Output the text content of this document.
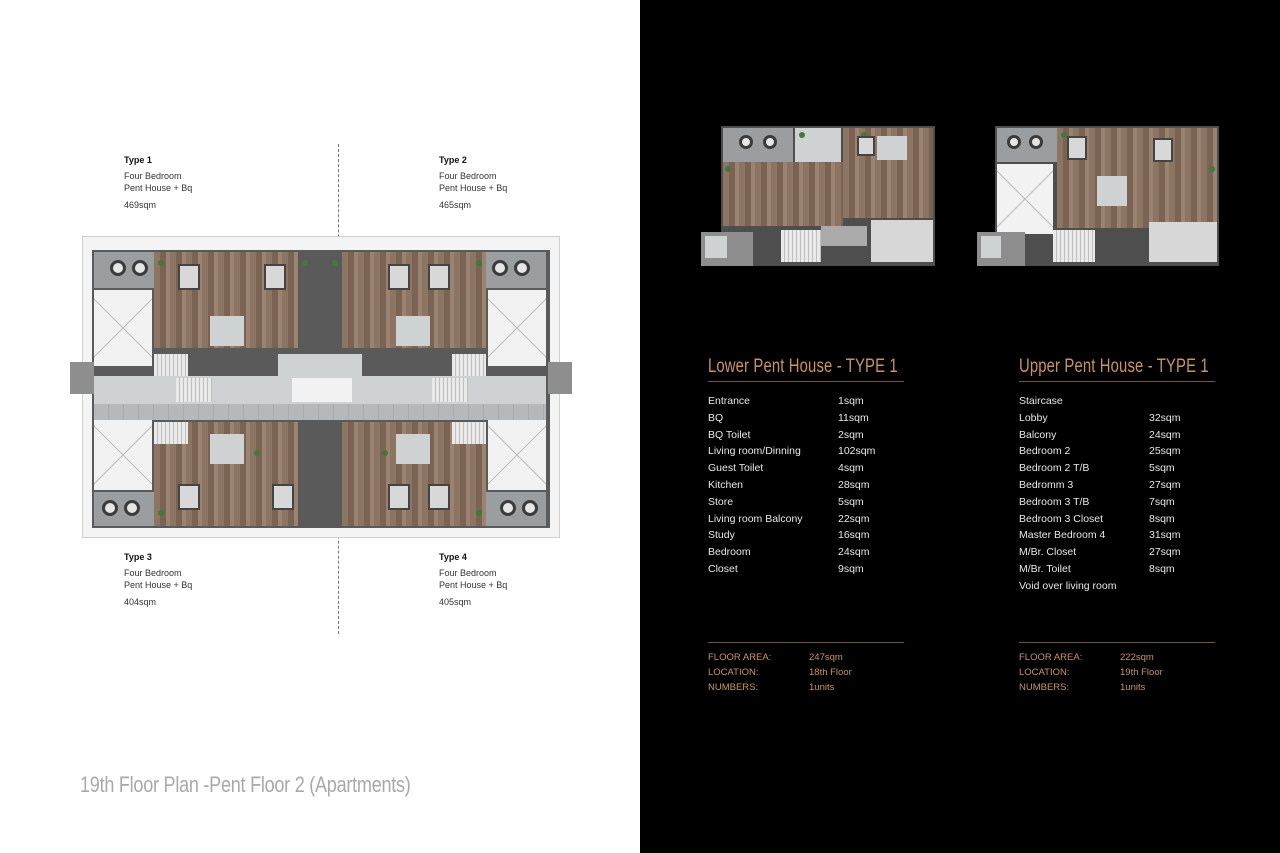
Type 1
Four Bedroom
Pent House + Bq
469sqm
Type 2
Four Bedroom
Pent House + Bq
465sqm
Type 3
Four Bedroom
Pent House + Bq
404sqm
Type 4
Four Bedroom
Pent House + Bq
405sqm
19th Floor Plan -Pent Floor 2 (Apartments)
Lower Pent House - TYPE 1
Entrance	1sqm
BQ	11sqm
BQ Toilet	2sqm
Living room/Dinning	102sqm
Guest Toilet	4sqm
Kitchen	28sqm
Store	5sqm
Living room Balcony	22sqm
Study	16sqm
Bedroom	24sqm
Closet	9sqm
FLOOR AREA:	247sqm
LOCATION:	18th Floor
NUMBERS:	1units
Upper Pent House - TYPE 1
Staircase
Lobby	32sqm
Balcony	24sqm
Bedroom 2	25sqm
Bedroom 2 T/B	5sqm
Bedromm 3	27sqm
Bedroom 3 T/B	7sqm
Bedroom 3 Closet	8sqm
Master Bedroom 4	31sqm
M/Br. Closet	27sqm
M/Br. Toilet	8sqm
Void over living room
FLOOR AREA:	222sqm
LOCATION:	19th Floor
NUMBERS:	1units
